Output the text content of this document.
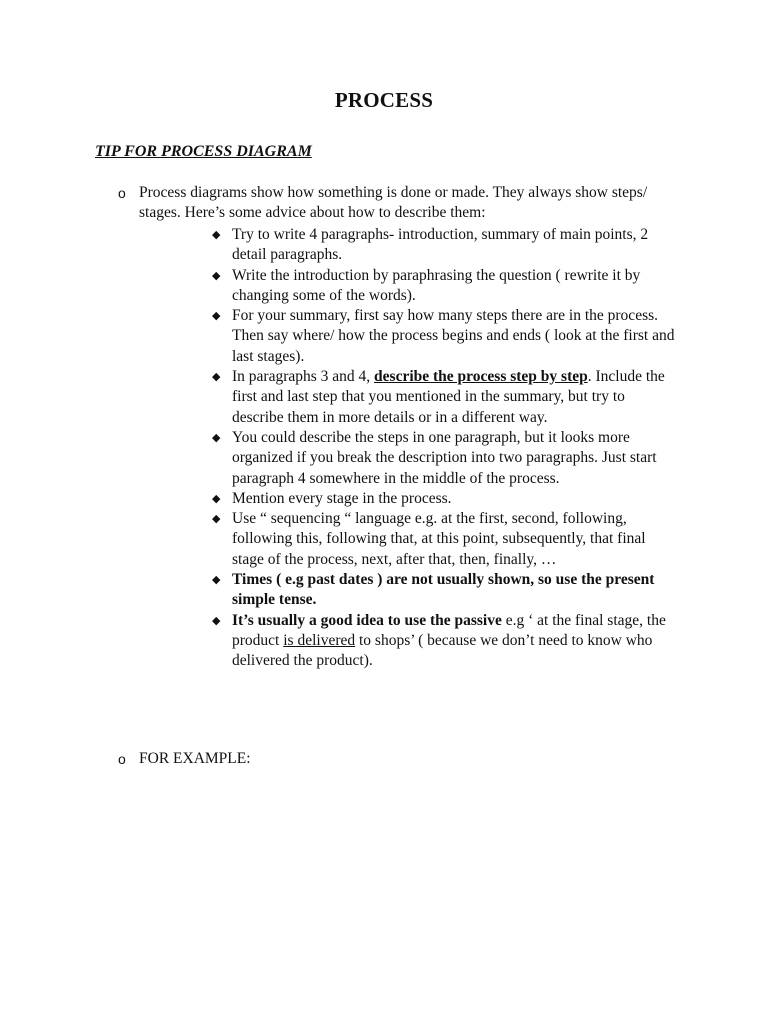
PROCESS
TIP FOR PROCESS DIAGRAM
o Process diagrams show how something is done or made. They always show steps/ stages. Here’s some advice about how to describe them:
◆ Try to write 4 paragraphs- introduction, summary of main points, 2 detail paragraphs.
◆ Write the introduction by paraphrasing the question ( rewrite it by changing some of the words).
◆ For your summary, first say how many steps there are in the process. Then say where/ how the process begins and ends ( look at the first and last stages).
◆ In paragraphs 3 and 4, describe the process step by step. Include the first and last step that you mentioned in the summary, but try to describe them in more details or in a different way.
◆ You could describe the steps in one paragraph, but it looks more organized if you break the description into two paragraphs. Just start paragraph 4 somewhere in the middle of the process.
◆ Mention every stage in the process.
◆ Use “ sequencing “ language e.g. at the first, second, following, following this, following that, at this point, subsequently, that final stage of the process, next, after that, then, finally, …
◆ Times ( e.g past dates ) are not usually shown, so use the present simple tense.
◆ It’s usually a good idea to use the passive e.g ‘ at the final stage, the product is delivered to shops’ ( because we don’t need to know who delivered the product).
o FOR EXAMPLE:
